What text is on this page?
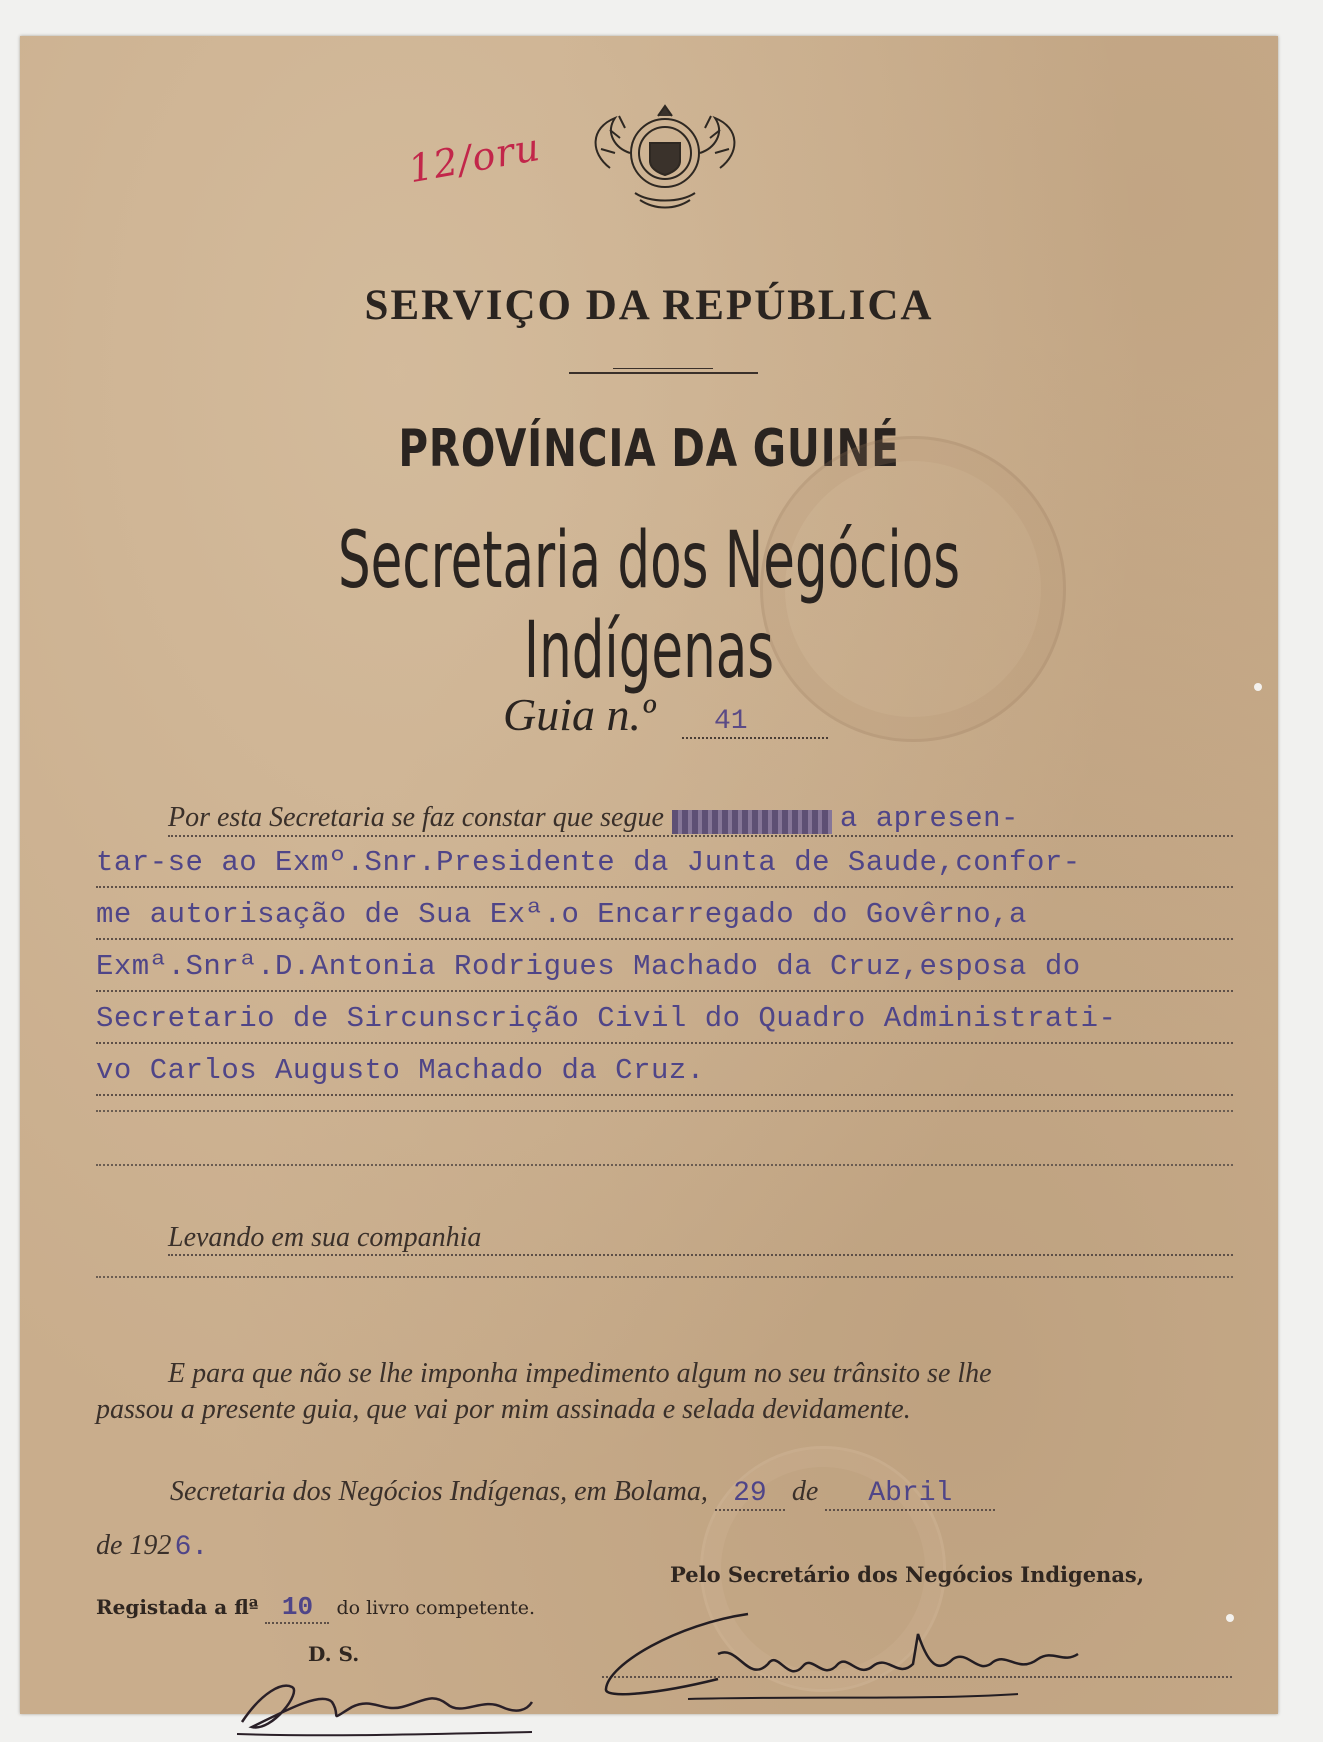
12/oru
SERVIÇO DA REPÚBLICA
PROVÍNCIA DA GUINÉ
Secretaria dos Negócios Indígenas
Guia n.º	41
Por esta Secretaria se faz constar que segue	a apresen-
tar-se ao Exmº.Snr.Presidente da Junta de Saude,confor-
me autorisação de Sua Exª.o Encarregado do Govêrno,a
Exmª.Snrª.D.Antonia Rodrigues Machado da Cruz,esposa do
Secretario de Sircunscrição Civil do Quadro Administrati-
vo Carlos Augusto Machado da Cruz.
Levando em sua companhia
E para que não se lhe imponha impedimento algum no seu trânsito se lhe
passou a presente guia, que vai por mim assinada e selada devidamente.
Secretaria dos Negócios Indígenas, em Bolama, 29 de Abril
de 192 6.
Registada a flª 10 do livro competente.
D. S.
Pelo Secretário dos Negócios Indigenas,
